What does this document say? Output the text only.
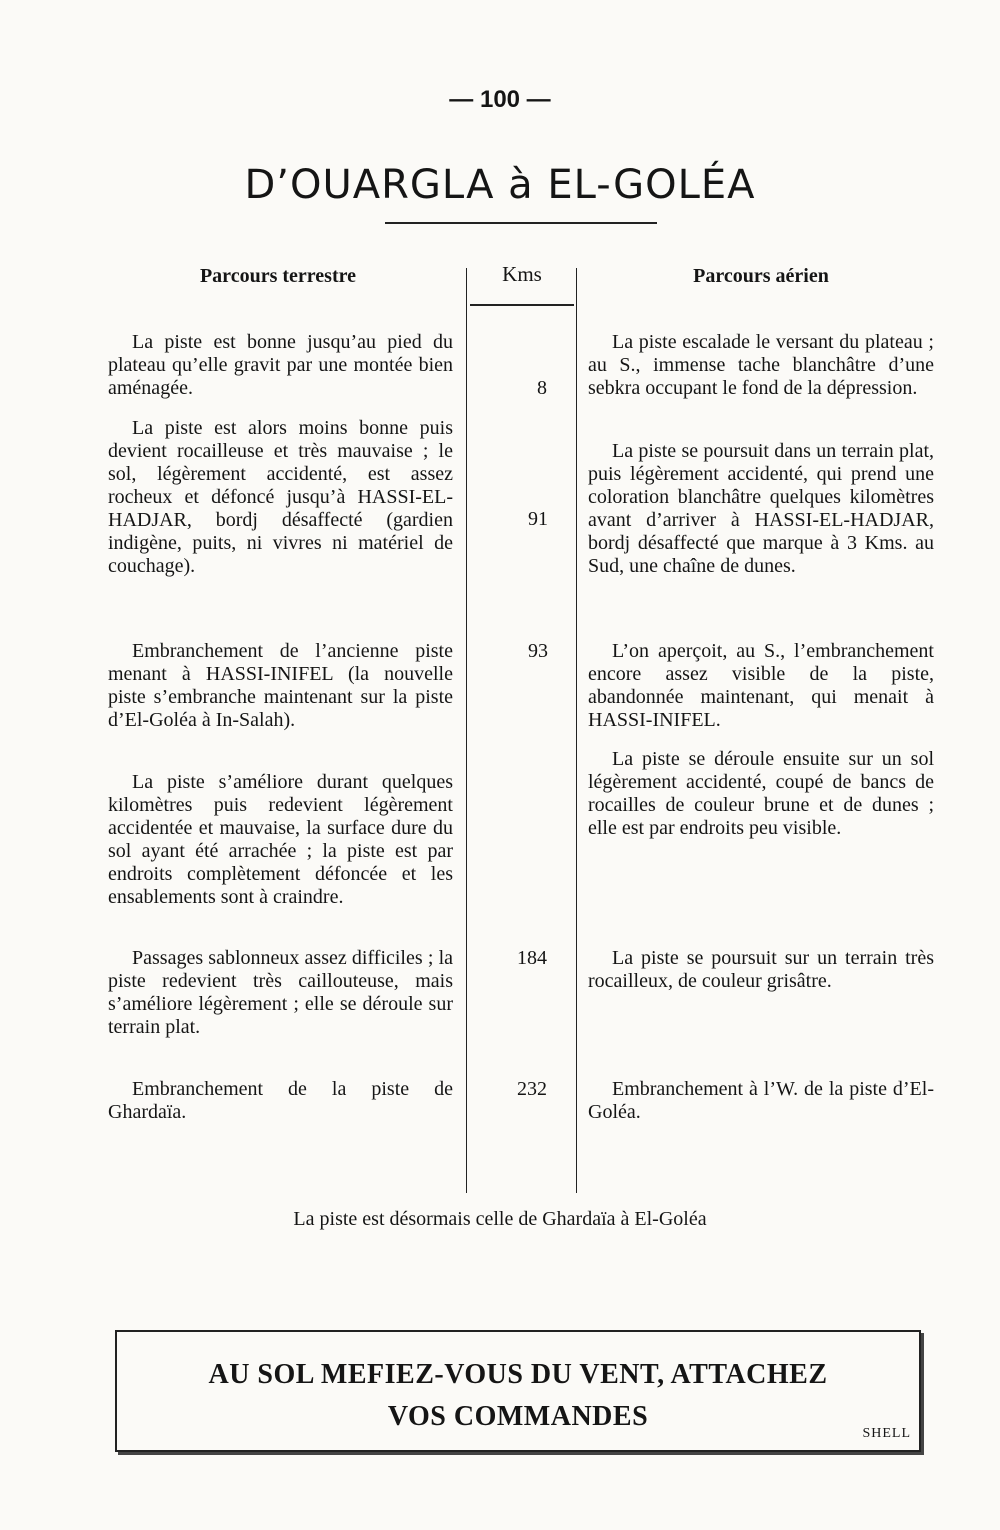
— 100 —
D’OUARGLA à EL-GOLÉA
Parcours terrestre	Kms	Parcours aérien
La piste est bonne jusqu’au pied du plateau qu’elle gravit par une montée bien aménagée.
La piste est alors moins bonne puis devient rocailleuse et très mauvaise ; le sol, légèrement accidenté, est assez rocheux et défoncé jusqu’à HASSI-EL-HADJAR, bordj désaffecté (gardien indigène, puits, ni vivres ni matériel de couchage).
Embranchement de l’ancienne piste menant à HASSI-INIFEL (la nouvelle piste s’embranche maintenant sur la piste d’El-Goléa à In-Salah).
La piste s’améliore durant quelques kilomètres puis redevient légèrement accidentée et mauvaise, la surface dure du sol ayant été arrachée ; la piste est par endroits complètement défoncée et les ensablements sont à craindre.
Passages sablonneux assez difficiles ; la piste redevient très caillouteuse, mais s’améliore légèrement ; elle se déroule sur terrain plat.
Embranchement de la piste de Ghardaïa.
8
91
93
184
232
La piste escalade le versant du plateau ; au S., immense tache blanchâtre d’une sebkra occupant le fond de la dépression.
La piste se poursuit dans un terrain plat, puis légèrement accidenté, qui prend une coloration blanchâtre quelques kilomètres avant d’arriver à HASSI-EL-HADJAR, bordj désaffecté que marque à 3 Kms. au Sud, une chaîne de dunes.
L’on aperçoit, au S., l’embranchement encore assez visible de la piste, abandonnée maintenant, qui menait à HASSI-INIFEL.
La piste se déroule ensuite sur un sol légèrement accidenté, coupé de bancs de rocailles de couleur brune et de dunes ; elle est par endroits peu visible.
La piste se poursuit sur un terrain très rocailleux, de couleur grisâtre.
Embranchement à l’W. de la piste d’El-Goléa.
La piste est désormais celle de Ghardaïa à El-Goléa
AU SOL MEFIEZ-VOUS DU VENT, ATTACHEZ
VOS COMMANDES
SHELL
